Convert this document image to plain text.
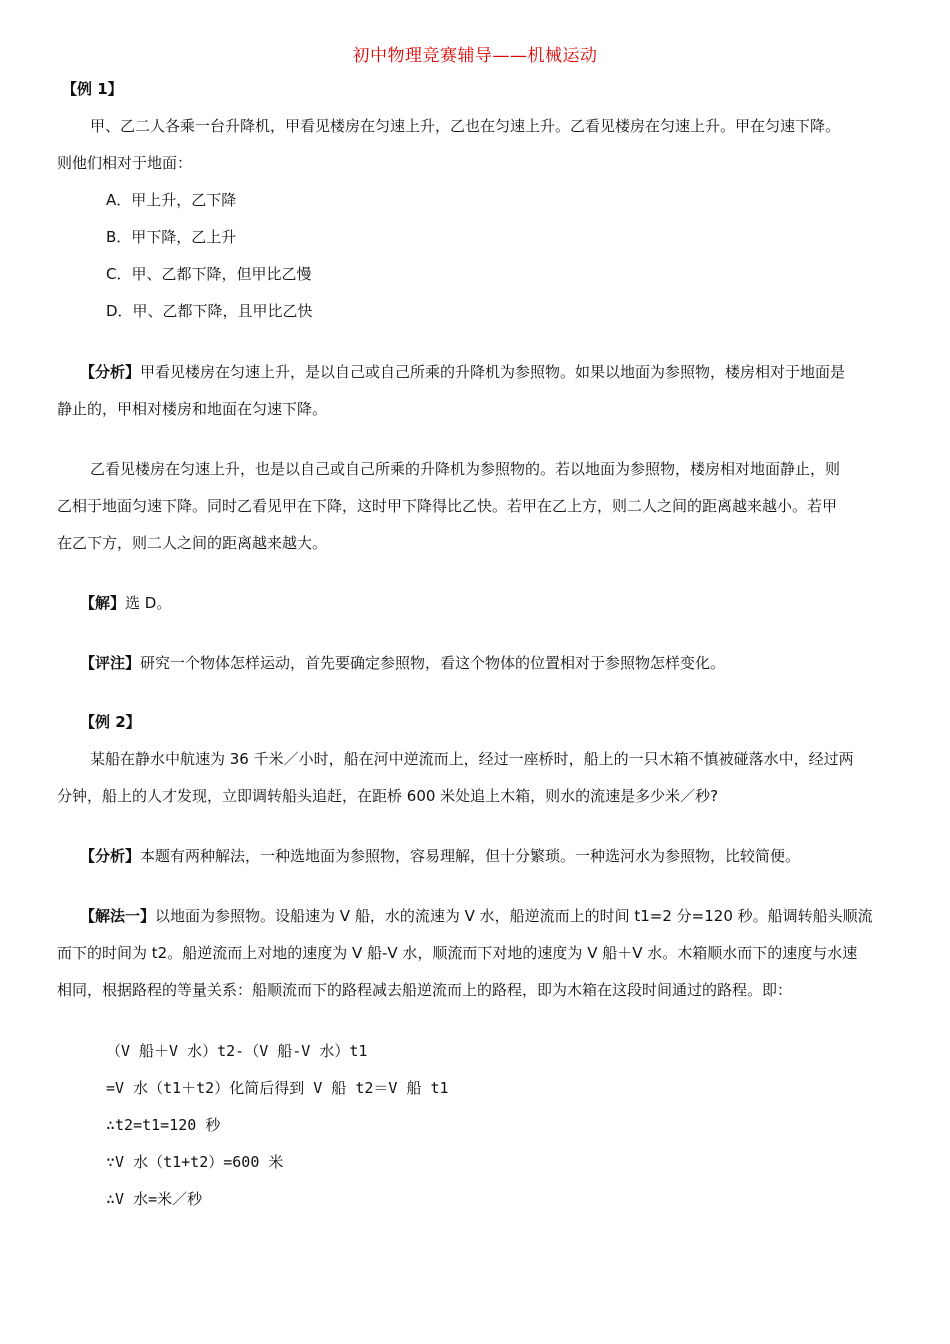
初中物理竞赛辅导——机械运动
【例 1】
甲、乙二人各乘一台升降机，甲看见楼房在匀速上升，乙也在匀速上升。乙看见楼房在匀速上升。甲在匀速下降。
则他们相对于地面：
A．甲上升，乙下降
B．甲下降，乙上升
C．甲、乙都下降，但甲比乙慢
D．甲、乙都下降，且甲比乙快
【分析】甲看见楼房在匀速上升，是以自己或自己所乘的升降机为参照物。如果以地面为参照物，楼房相对于地面是
静止的，甲相对楼房和地面在匀速下降。
乙看见楼房在匀速上升，也是以自己或自己所乘的升降机为参照物的。若以地面为参照物，楼房相对地面静止，则
乙相于地面匀速下降。同时乙看见甲在下降，这时甲下降得比乙快。若甲在乙上方，则二人之间的距离越来越小。若甲
在乙下方，则二人之间的距离越来越大。
【解】选 D。
【评注】研究一个物体怎样运动，首先要确定参照物，看这个物体的位置相对于参照物怎样变化。
【例 2】
某船在静水中航速为 36 千米／小时，船在河中逆流而上，经过一座桥时，船上的一只木箱不慎被碰落水中，经过两
分钟，船上的人才发现，立即调转船头追赶，在距桥 600 米处追上木箱，则水的流速是多少米／秒?
【分析】本题有两种解法，一种选地面为参照物，容易理解，但十分繁琐。一种选河水为参照物，比较简便。
【解法一】以地面为参照物。设船速为 V 船，水的流速为 V 水，船逆流而上的时间 t1=2 分=120 秒。船调转船头顺流
而下的时间为 t2。船逆流而上对地的速度为 V 船-V 水，顺流而下对地的速度为 V 船＋V 水。木箱顺水而下的速度与水速
相同，根据路程的等量关系：船顺流而下的路程减去船逆流而上的路程，即为木箱在这段时间通过的路程。即：
（V 船＋V 水）t2-（V 船-V 水）t1
=V 水（t1＋t2）化简后得到 V 船 t2＝V 船 t1
∴t2=t1=120 秒
∵V 水（t1+t2）=600 米
∴V 水=米／秒
